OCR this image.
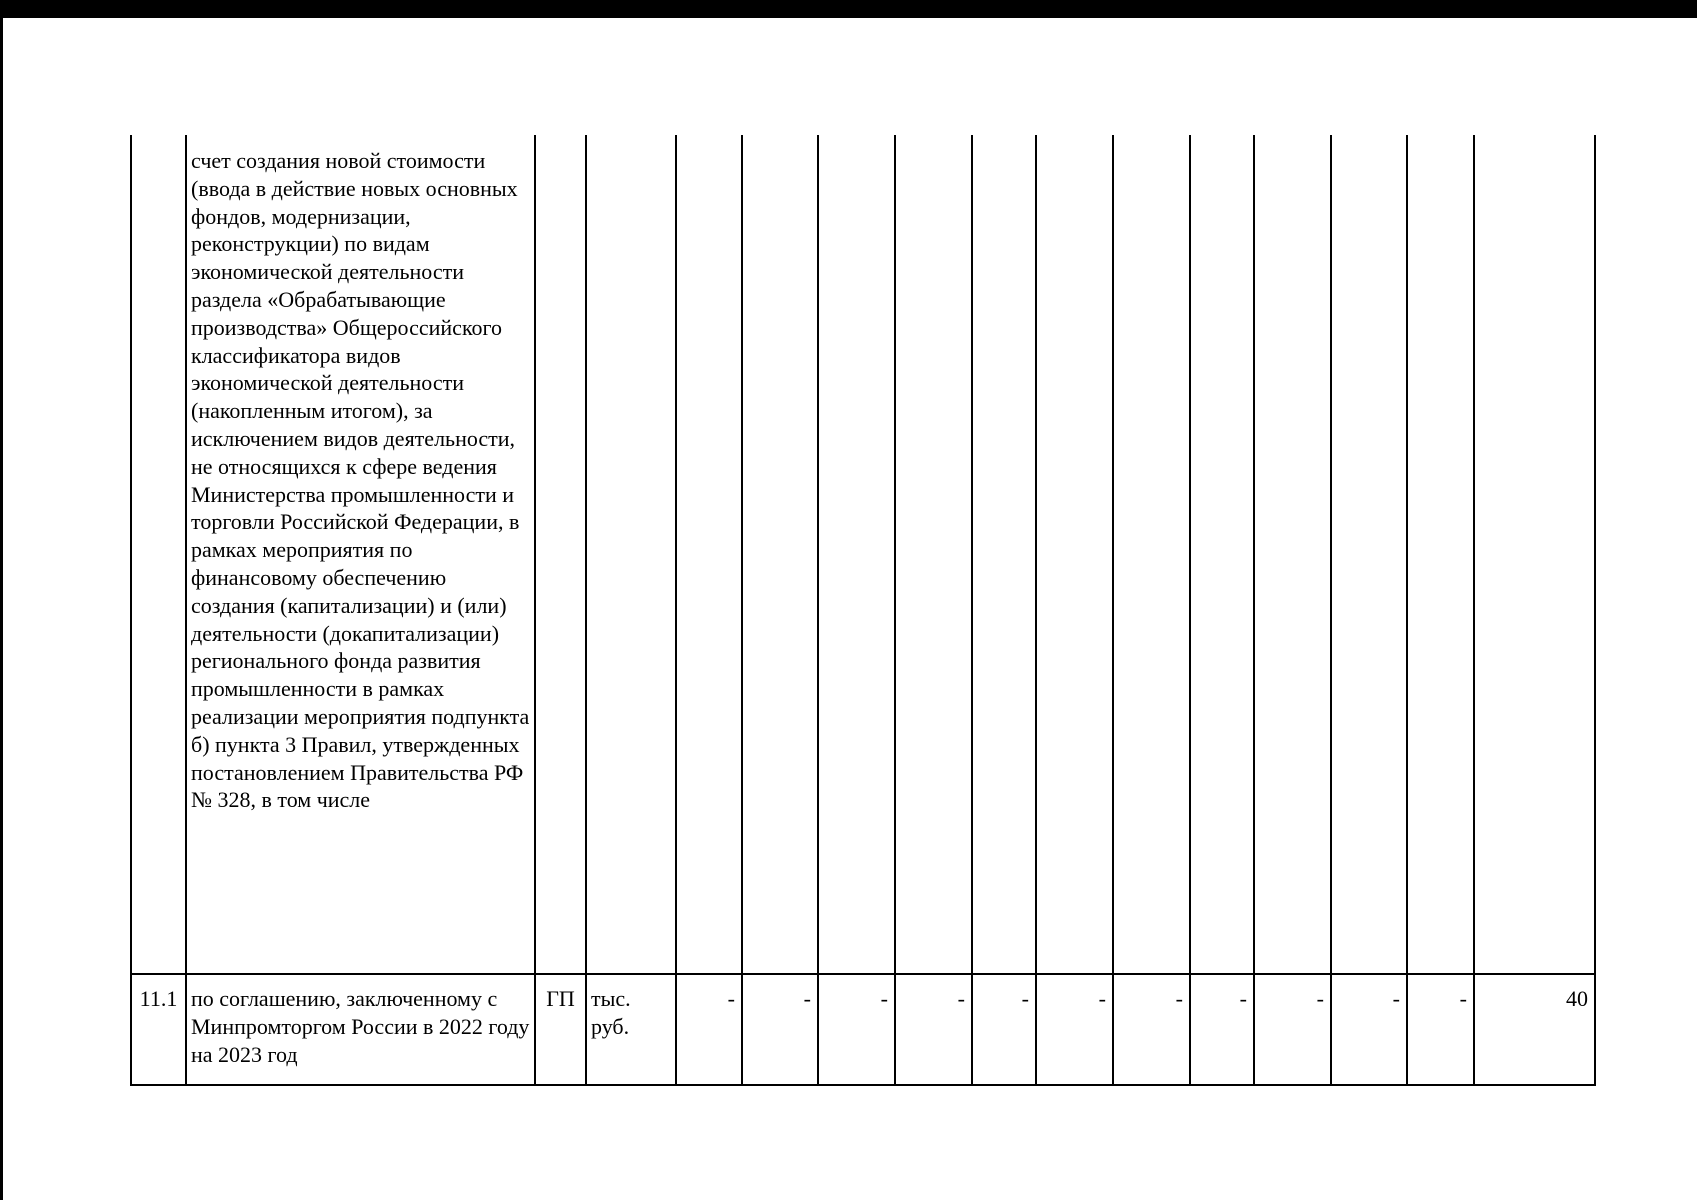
	счет создания новой стоимости (ввода в действие новых основных фондов, модернизации, реконструкции) по видам экономической деятельности раздела «Обрабатывающие производства» Общероссийского классификатора видов экономической деятельности (накопленным итогом), за исключением видов деятельности, не относящихся к сфере ведения Министерства промышленности и торговли Российской Федерации, в рамках мероприятия по финансовому обеспечению создания (капитализации) и (или) деятельности (докапитализации) регионального фонда развития промышленности в рамках реализации мероприятия подпункта б) пункта 3 Правил, утвержденных постановлением Правительства РФ № 328, в том числе														
11.1	по соглашению, заключенному с Минпромторгом России в 2022 году на 2023 год	ГП	тыс. руб.	-	-	-	-	-	-	-	-	-	-	-	40
